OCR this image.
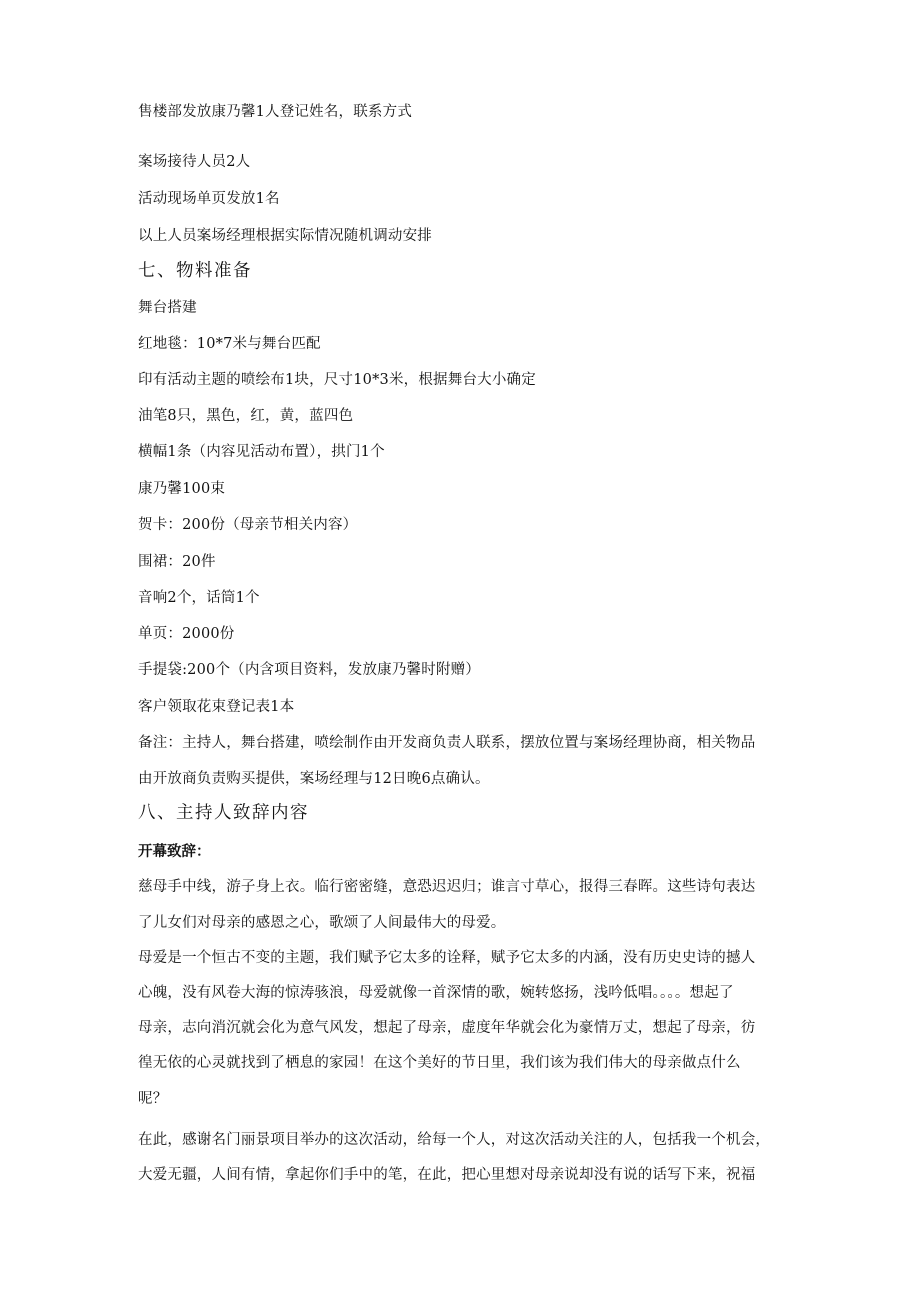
售楼部发放康乃馨1人登记姓名，联系方式
案场接待人员2人
活动现场单页发放1名
以上人员案场经理根据实际情况随机调动安排
七、物料准备
舞台搭建
红地毯：10*7米与舞台匹配
印有活动主题的喷绘布1块，尺寸10*3米，根据舞台大小确定
油笔8只，黑色，红，黄，蓝四色
横幅1条（内容见活动布置），拱门1个
康乃馨100束
贺卡：200份（母亲节相关内容）
围裙：20件
音响2个，话筒1个
单页：2000份
手提袋:200个（内含项目资料，发放康乃馨时附赠）
客户领取花束登记表1本
备注：主持人，舞台搭建，喷绘制作由开发商负责人联系，摆放位置与案场经理协商，相关物品
由开放商负责购买提供，案场经理与12日晚6点确认。
八、主持人致辞内容
开幕致辞：
慈母手中线，游子身上衣。临行密密缝，意恐迟迟归；谁言寸草心，报得三春晖。这些诗句表达
了儿女们对母亲的感恩之心，歌颂了人间最伟大的母爱。
母爱是一个恒古不变的主题，我们赋予它太多的诠释，赋予它太多的内涵，没有历史史诗的撼人
心魄，没有风卷大海的惊涛骇浪，母爱就像一首深情的歌，婉转悠扬，浅吟低唱。。。。想起了
母亲，志向消沉就会化为意气风发，想起了母亲，虚度年华就会化为豪情万丈，想起了母亲，彷
徨无依的心灵就找到了栖息的家园！在这个美好的节日里，我们该为我们伟大的母亲做点什么
呢？
在此，感谢名门丽景项目举办的这次活动，给每一个人，对这次活动关注的人，包括我一个机会，
大爱无疆，人间有情，拿起你们手中的笔，在此，把心里想对母亲说却没有说的话写下来，祝福
